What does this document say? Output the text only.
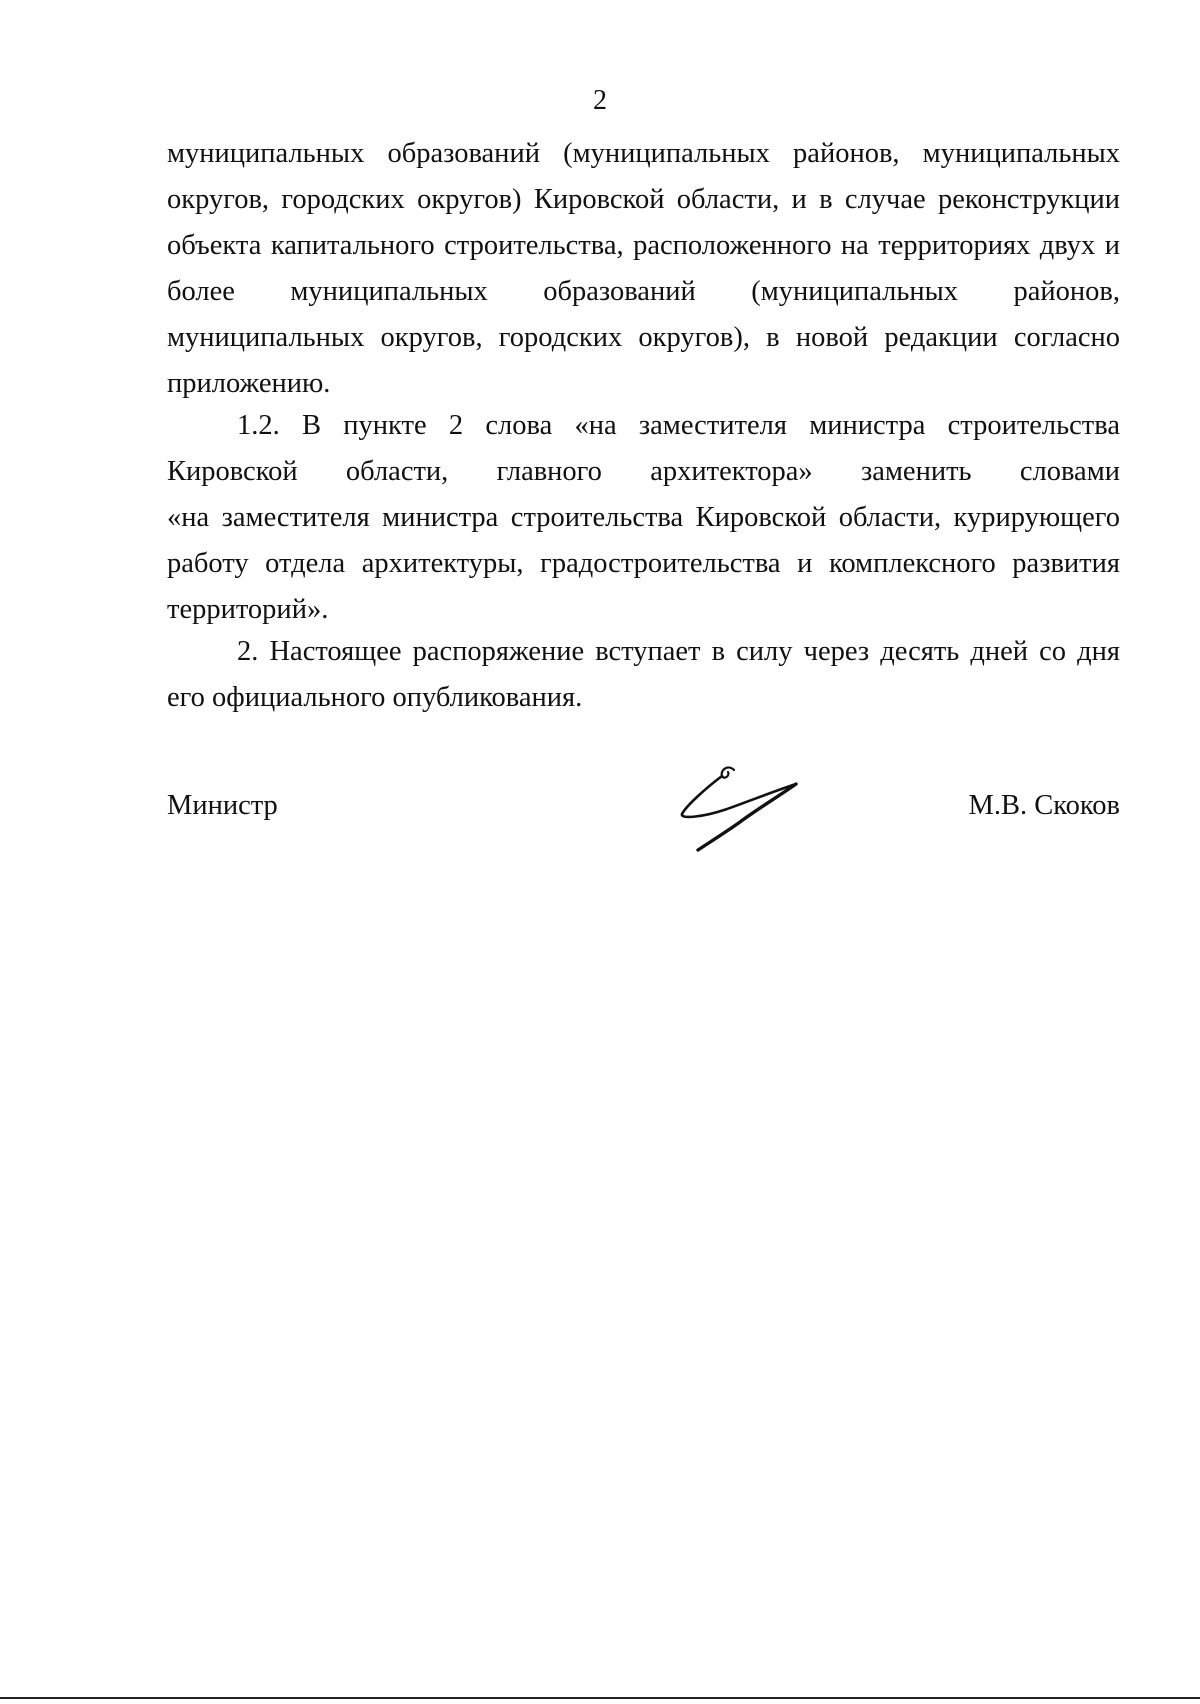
2
муниципальных образований (муниципальных районов, муниципальных
округов, городских округов) Кировской области, и в случае реконструкции
объекта капитального строительства, расположенного на территориях двух и
более муниципальных образований (муниципальных районов,
муниципальных округов, городских округов), в новой редакции согласно
приложению.
1.2. В пункте 2 слова «на заместителя министра строительства
Кировской области, главного архитектора» заменить словами
«на заместителя министра строительства Кировской области, курирующего
работу отдела архитектуры, градостроительства и комплексного развития
территорий».
2. Настоящее распоряжение вступает в силу через десять дней со дня
его официального опубликования.
Министр	М.В. Скоков
